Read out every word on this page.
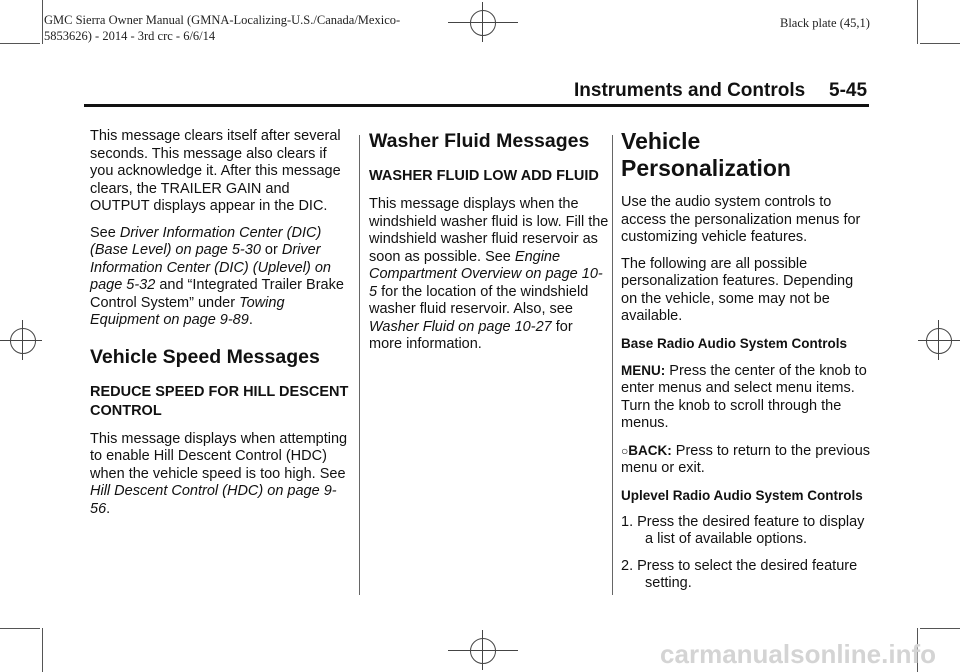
GMC Sierra Owner Manual (GMNA-Localizing-U.S./Canada/Mexico-
5853626) - 2014 - 3rd crc - 6/6/14
Black plate (45,1)
Instruments and Controls 5-45

This message clears itself after several seconds. This message also clears if you acknowledge it. After this message clears, the TRAILER GAIN and OUTPUT displays appear in the DIC.

See Driver Information Center (DIC) (Base Level) on page 5-30 or Driver Information Center (DIC) (Uplevel) on page 5-32 and “Integrated Trailer Brake Control System” under Towing Equipment on page 9-89.

Vehicle Speed Messages
REDUCE SPEED FOR HILL DESCENT CONTROL

This message displays when attempting to enable Hill Descent Control (HDC) when the vehicle speed is too high. See Hill Descent Control (HDC) on page 9-56.

Washer Fluid Messages
WASHER FLUID LOW ADD FLUID

This message displays when the windshield washer fluid is low. Fill the windshield washer fluid reservoir as soon as possible. See Engine Compartment Overview on page 10-5 for the location of the windshield washer fluid reservoir. Also, see Washer Fluid on page 10-27 for more information.

Vehicle Personalization

Use the audio system controls to access the personalization menus for customizing vehicle features.

The following are all possible personalization features. Depending on the vehicle, some may not be available.

Base Radio Audio System Controls

MENU: Press the center of the knob to enter menus and select menu items. Turn the knob to scroll through the menus.

○BACK: Press to return to the previous menu or exit.

Uplevel Radio Audio System Controls

1. Press the desired feature to display a list of available options.

2. Press to select the desired feature setting.

carmanualsonline.info
